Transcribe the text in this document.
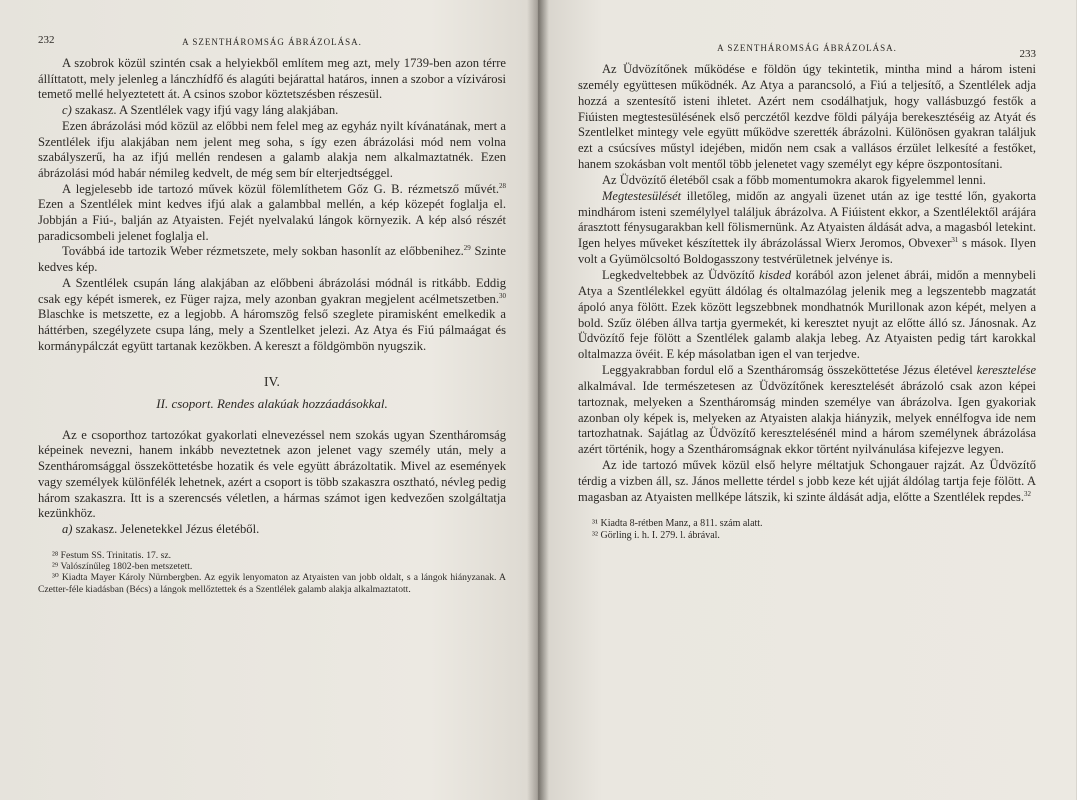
232	A SZENTHÁROMSÁG ÁBRÁZOLÁSA.

A szobrok közül szintén csak a helyiekből említem meg azt, mely 1739-ben azon térre állíttatott, mely jelenleg a lánczhídfő és alagúti bejárattal határos, innen a szobor a vízivárosi temető mellé helyeztetett át. A csinos szobor köztetszésben részesül.

c) szakasz. A Szentlélek vagy ifjú vagy láng alakjában.

Ezen ábrázolási mód közül az előbbi nem felel meg az egyház nyilt kívánatának, mert a Szentlélek ifju alakjában nem jelent meg soha, s így ezen ábrázolási mód nem volna szabályszerű, ha az ifjú mellén rendesen a galamb alakja nem alkalmaztatnék. Ezen ábrázolási mód habár némileg kedvelt, de még sem bír elterjedtséggel.

A legjelesebb ide tartozó művek közül fölemlíthetem Gőz G. B. rézmetsző művét.$^{28}$ Ezen a Szentlélek mint kedves ifjú alak a galambbal mellén, a kép közepét foglalja el. Jobbján a Fiú-, balján az Atyaisten. Fejét nyelvalakú lángok környezik. A kép alsó részét paradicsombeli jelenet foglalja el.

Továbbá ide tartozik Weber rézmetszete, mely sokban hasonlít az előbbenihez.$^{29}$ Szinte kedves kép.

A Szentlélek csupán láng alakjában az előbbeni ábrázolási módnál is ritkább. Eddig csak egy képét ismerek, ez Füger rajza, mely azonban gyakran megjelent acélmetszetben.$^{30}$ Blaschke is metszette, ez a legjobb. A háromszög felső szeglete piramisként emelkedik a háttérben, szegélyzete csupa láng, mely a Szentlelket jelezi. Az Atya és Fiú pálmaágat és kormánypálczát együtt tartanak kezökben. A kereszt a földgömbön nyugszik.

IV.

II. csoport. Rendes alakúak hozzáadásokkal.

Az e csoporthoz tartozókat gyakorlati elnevezéssel nem szokás ugyan Szentháromság képeinek nevezni, hanem inkább neveztetnek azon jelenet vagy személy után, mely a Szentháromsággal összeköttetésbe hozatik és vele együtt ábrázoltatik. Mivel az események vagy személyek különfélék lehetnek, azért a csoport is több szakaszra osztható, névleg pedig három szakaszra. Itt is a szerencsés véletlen, a hármas számot igen kedvezően szolgáltatja kezünkhöz.

a) szakasz. Jelenetekkel Jézus életéből.

²⁸ Festum SS. Trinitatis. 17. sz.

²⁹ Valószínűleg 1802-ben metszetett.

³⁰ Kiadta Mayer Károly Nürnbergben. Az egyik lenyomaton az Atyaisten van jobb oldalt, s a lángok hiányzanak. A Czetter-féle kiadásban (Bécs) a lángok mellőztettek és a Szentlélek galamb alakja alkalmaztatott.

A SZENTHÁROMSÁG ÁBRÁZOLÁSA.	233

Az Üdvözítőnek működése e földön úgy tekintetik, mintha mind a három isteni személy együttesen működnék. Az Atya a parancsoló, a Fiú a teljesítő, a Szentlélek adja hozzá a szentesítő isteni ihletet. Azért nem csodálhatjuk, hogy vallásbuzgó festők a Fiúisten megtestesülésének első perczétől kezdve földi pályája berekesztéséig az Atyát és Szentlelket mintegy vele együtt működve szerették ábrázolni. Különösen gyakran találjuk ezt a csúcsíves műstyl idejében, midőn nem csak a vallásos érzület lelkesíté a festőket, hanem szokásban volt mentől több jelenetet vagy személyt egy képre öszpontosítani.

Az Üdvözítő életéből csak a főbb momentumokra akarok figyelemmel lenni.

Megtestesülését illetőleg, midőn az angyali üzenet után az ige testté lőn, gyakorta mindhárom isteni személylyel találjuk ábrázolva. A Fiúistent ekkor, a Szentlélektől arájára árasztott fénysugarakban kell fölismernünk. Az Atyaisten áldását adva, a magasból letekint. Igen helyes műveket készítettek ily ábrázolással Wierx Jeromos, Obvexer$^{31}$ s mások. Ilyen volt a Gyümölcsoltó Boldogasszony testvérületnek jelvénye is.

Legkedveltebbek az Üdvözítő kisded korából azon jelenet ábrái, midőn a mennybeli Atya a Szentlélekkel együtt áldólag és oltalmazólag jelenik meg a legszentebb magzatát ápoló anya fölött. Ezek között legszebbnek mondhatnók Murillonak azon képét, melyen a bold. Szűz ölében állva tartja gyermekét, ki keresztet nyujt az előtte álló sz. Jánosnak. Az Üdvözítő feje fölött a Szentlélek galamb alakja lebeg. Az Atyaisten pedig tárt karokkal oltalmazza övéit. E kép másolatban igen el van terjedve.

Leggyakrabban fordul elő a Szentháromság összeköttetése Jézus életével keresztelése alkalmával. Ide természetesen az Üdvözítőnek keresztelését ábrázoló csak azon képei tartoznak, melyeken a Szentháromság minden személye van ábrázolva. Igen gyakoriak azonban oly képek is, melyeken az Atyaisten alakja hiányzik, melyek ennélfogva ide nem tartozhatnak. Sajátlag az Üdvözítő keresztelésénél mind a három személynek ábrázolása azért történik, hogy a Szentháromságnak ekkor történt nyilvánulása kifejezve legyen.

Az ide tartozó művek közül első helyre méltatjuk Schongauer rajzát. Az Üdvözítő térdig a vizben áll, sz. János mellette térdel s jobb keze két ujját áldólag tartja feje fölött. A magasban az Atyaisten mellképe látszik, ki szinte áldását adja, előtte a Szentlélek repdes.$^{32}$

³¹ Kiadta 8-rétben Manz, a 811. szám alatt.

³² Görling i. h. I. 279. l. ábrával.
